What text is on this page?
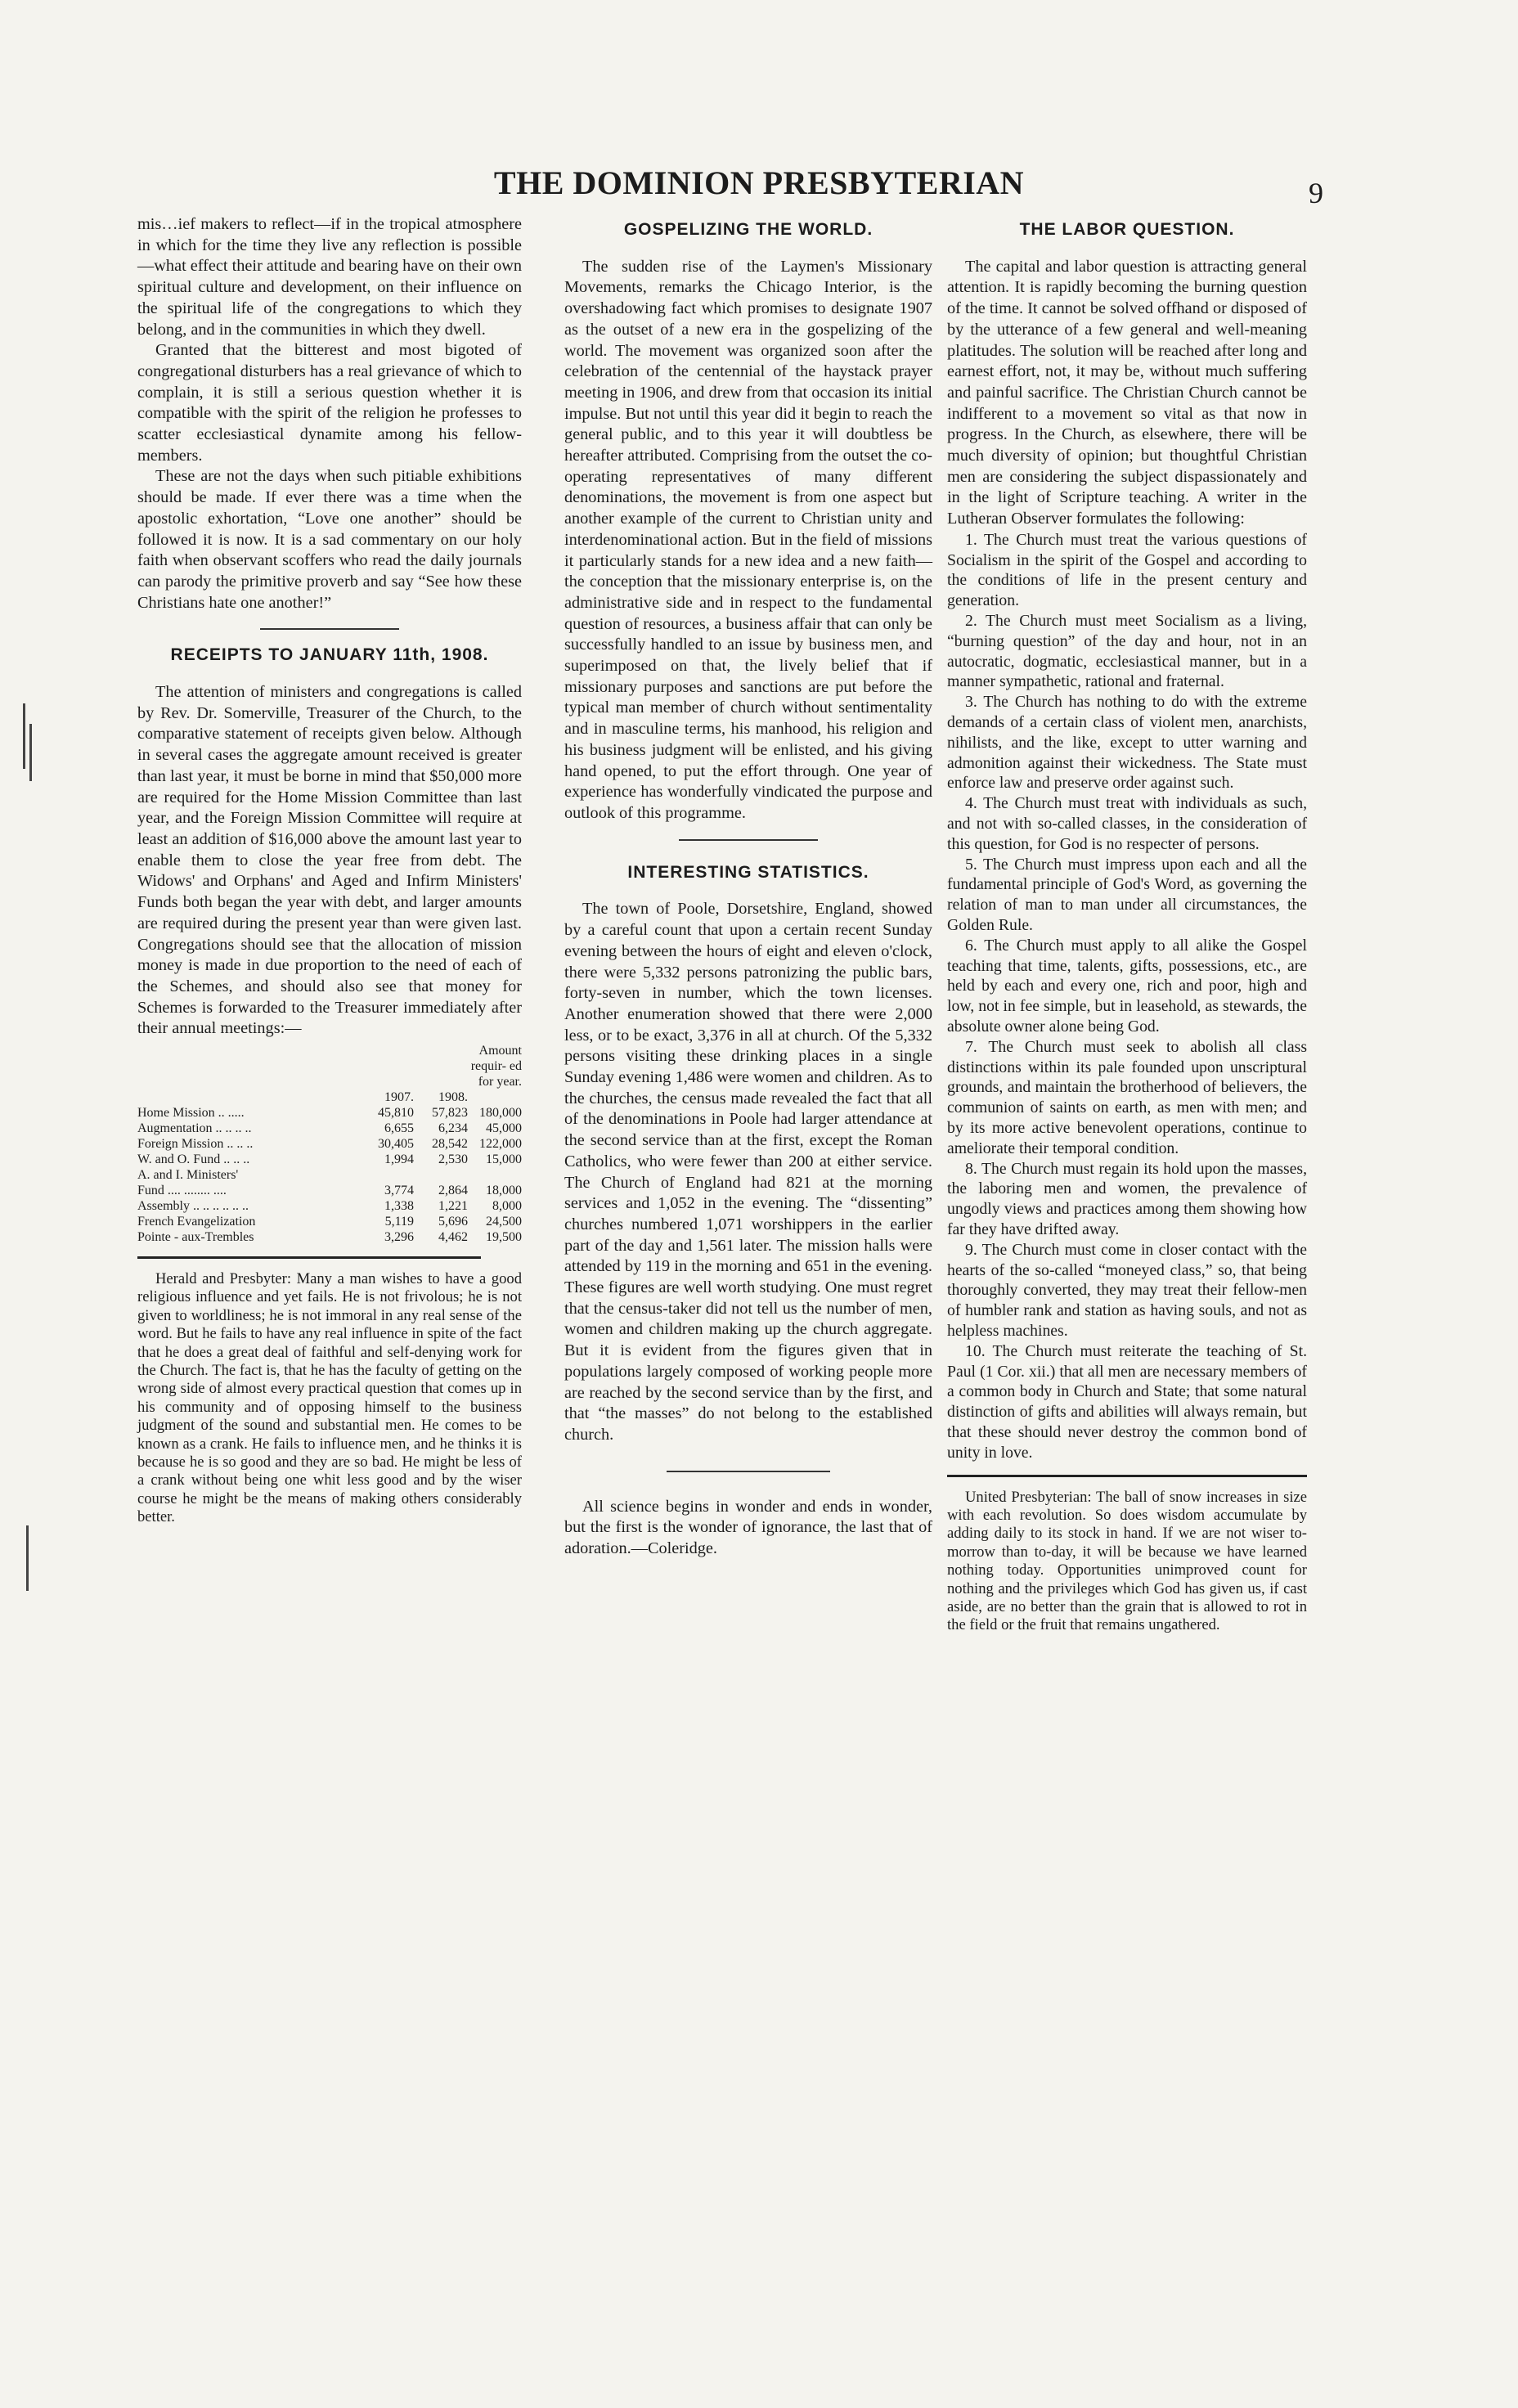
THE DOMINION PRESBYTERIAN	9

mis…ief makers to reflect—if in the tropical atmosphere in which for the time they live any reflection is possible —what effect their attitude and bearing have on their own spiritual culture and development, on their influence on the spiritual life of the congregations to which they belong, and in the communities in which they dwell.

Granted that the bitterest and most bigoted of congregational disturbers has a real grievance of which to complain, it is still a serious question whether it is compatible with the spirit of the religion he professes to scatter ecclesiastical dynamite among his fellow-members.

These are not the days when such pitiable exhibitions should be made. If ever there was a time when the apostolic exhortation, “Love one another” should be followed it is now. It is a sad commentary on our holy faith when observant scoffers who read the daily journals can parody the primitive proverb and say “See how these Christians hate one another!”

RECEIPTS TO JANUARY 11th, 1908.

The attention of ministers and congregations is called by Rev. Dr. Somerville, Treasurer of the Church, to the comparative statement of receipts given below. Although in several cases the aggregate amount received is greater than last year, it must be borne in mind that $50,000 more are required for the Home Mission Committee than last year, and the Foreign Mission Committee will require at least an addition of $16,000 above the amount last year to enable them to close the year free from debt. The Widows' and Orphans' and Aged and Infirm Ministers' Funds both began the year with debt, and larger amounts are required during the present year than were given last. Congregations should see that the allocation of mission money is made in due proportion to the need of each of the Schemes, and should also see that money for Schemes is forwarded to the Treasurer immediately after their annual meetings:—

Amount requir- ed for year.
1907.	1908.
Home Mission .. .....	45,810	57,823 180,000
Augmentation .. .. .. ..	6,655	6,234	45,000
Foreign Mission .. .. ..	30,405	28,542 122,000
W. and O. Fund .. .. ..	1,994	2,530	15,000
A. and I. Ministers'
Fund .... ........ ....	3,774	2,864	18,000
Assembly .. .. .. .. .. ..	1,338	1,221	8,000
French Evangelization	5,119	5,696	24,500
Pointe - aux-Trembles	3,296	4,462	19,500

Herald and Presbyter: Many a man wishes to have a good religious influence and yet fails. He is not frivolous; he is not given to worldliness; he is not immoral in any real sense of the word. But he fails to have any real influence in spite of the fact that he does a great deal of faithful and self-denying work for the Church. The fact is, that he has the faculty of getting on the wrong side of almost every practical question that comes up in his community and of opposing himself to the business judgment of the sound and substantial men. He comes to be known as a crank. He fails to influence men, and he thinks it is because he is so good and they are so bad. He might be less of a crank without being one whit less good and by the wiser course he might be the means of making others considerably better.

GOSPELIZING THE WORLD.

The sudden rise of the Laymen's Missionary Movements, remarks the Chicago Interior, is the overshadowing fact which promises to designate 1907 as the outset of a new era in the gospelizing of the world. The movement was organized soon after the celebration of the centennial of the haystack prayer meeting in 1906, and drew from that occasion its initial impulse. But not until this year did it begin to reach the general public, and to this year it will doubtless be hereafter attributed. Comprising from the outset the co-operating representatives of many different denominations, the movement is from one aspect but another example of the current to Christian unity and interdenominational action. But in the field of missions it particularly stands for a new idea and a new faith—the conception that the missionary enterprise is, on the administrative side and in respect to the fundamental question of resources, a business affair that can only be successfully handled to an issue by business men, and superimposed on that, the lively belief that if missionary purposes and sanctions are put before the typical man member of church without sentimentality and in masculine terms, his manhood, his religion and his business judgment will be enlisted, and his giving hand opened, to put the effort through. One year of experience has wonderfully vindicated the purpose and outlook of this programme.

INTERESTING STATISTICS.

The town of Poole, Dorsetshire, England, showed by a careful count that upon a certain recent Sunday evening between the hours of eight and eleven o'clock, there were 5,332 persons patronizing the public bars, forty-seven in number, which the town licenses. Another enumeration showed that there were 2,000 less, or to be exact, 3,376 in all at church. Of the 5,332 persons visiting these drinking places in a single Sunday evening 1,486 were women and children. As to the churches, the census made revealed the fact that all of the denominations in Poole had larger attendance at the second service than at the first, except the Roman Catholics, who were fewer than 200 at either service. The Church of England had 821 at the morning services and 1,052 in the evening. The “dissenting” churches numbered 1,071 worshippers in the earlier part of the day and 1,561 later. The mission halls were attended by 119 in the morning and 651 in the evening. These figures are well worth studying. One must regret that the census-taker did not tell us the number of men, women and children making up the church aggregate. But it is evident from the figures given that in populations largely composed of working people more are reached by the second service than by the first, and that “the masses” do not belong to the established church.

All science begins in wonder and ends in wonder, but the first is the wonder of ignorance, the last that of adoration.—Coleridge.

THE LABOR QUESTION.

The capital and labor question is attracting general attention. It is rapidly becoming the burning question of the time. It cannot be solved offhand or disposed of by the utterance of a few general and well-meaning platitudes. The solution will be reached after long and earnest effort, not, it may be, without much suffering and painful sacrifice. The Christian Church cannot be indifferent to a movement so vital as that now in progress. In the Church, as elsewhere, there will be much diversity of opinion; but thoughtful Christian men are considering the subject dispassionately and in the light of Scripture teaching. A writer in the Lutheran Observer formulates the following:

1. The Church must treat the various questions of Socialism in the spirit of the Gospel and according to the conditions of life in the present century and generation.

2. The Church must meet Socialism as a living, “burning question” of the day and hour, not in an autocratic, dogmatic, ecclesiastical manner, but in a manner sympathetic, rational and fraternal.

3. The Church has nothing to do with the extreme demands of a certain class of violent men, anarchists, nihilists, and the like, except to utter warning and admonition against their wickedness. The State must enforce law and preserve order against such.

4. The Church must treat with individuals as such, and not with so-called classes, in the consideration of this question, for God is no respecter of persons.

5. The Church must impress upon each and all the fundamental principle of God's Word, as governing the relation of man to man under all circumstances, the Golden Rule.

6. The Church must apply to all alike the Gospel teaching that time, talents, gifts, possessions, etc., are held by each and every one, rich and poor, high and low, not in fee simple, but in leasehold, as stewards, the absolute owner alone being God.

7. The Church must seek to abolish all class distinctions within its pale founded upon unscriptural grounds, and maintain the brotherhood of believers, the communion of saints on earth, as men with men; and by its more active benevolent operations, continue to ameliorate their temporal condition.

8. The Church must regain its hold upon the masses, the laboring men and women, the prevalence of ungodly views and practices among them showing how far they have drifted away.

9. The Church must come in closer contact with the hearts of the so-called “moneyed class,” so, that being thoroughly converted, they may treat their fellow-men of humbler rank and station as having souls, and not as helpless machines.

10. The Church must reiterate the teaching of St. Paul (1 Cor. xii.) that all men are necessary members of a common body in Church and State; that some natural distinction of gifts and abilities will always remain, but that these should never destroy the common bond of unity in love.

United Presbyterian: The ball of snow increases in size with each revolution. So does wisdom accumulate by adding daily to its stock in hand. If we are not wiser to-morrow than to-day, it will be because we have learned nothing today. Opportunities unimproved count for nothing and the privileges which God has given us, if cast aside, are no better than the grain that is allowed to rot in the field or the fruit that remains ungathered.
